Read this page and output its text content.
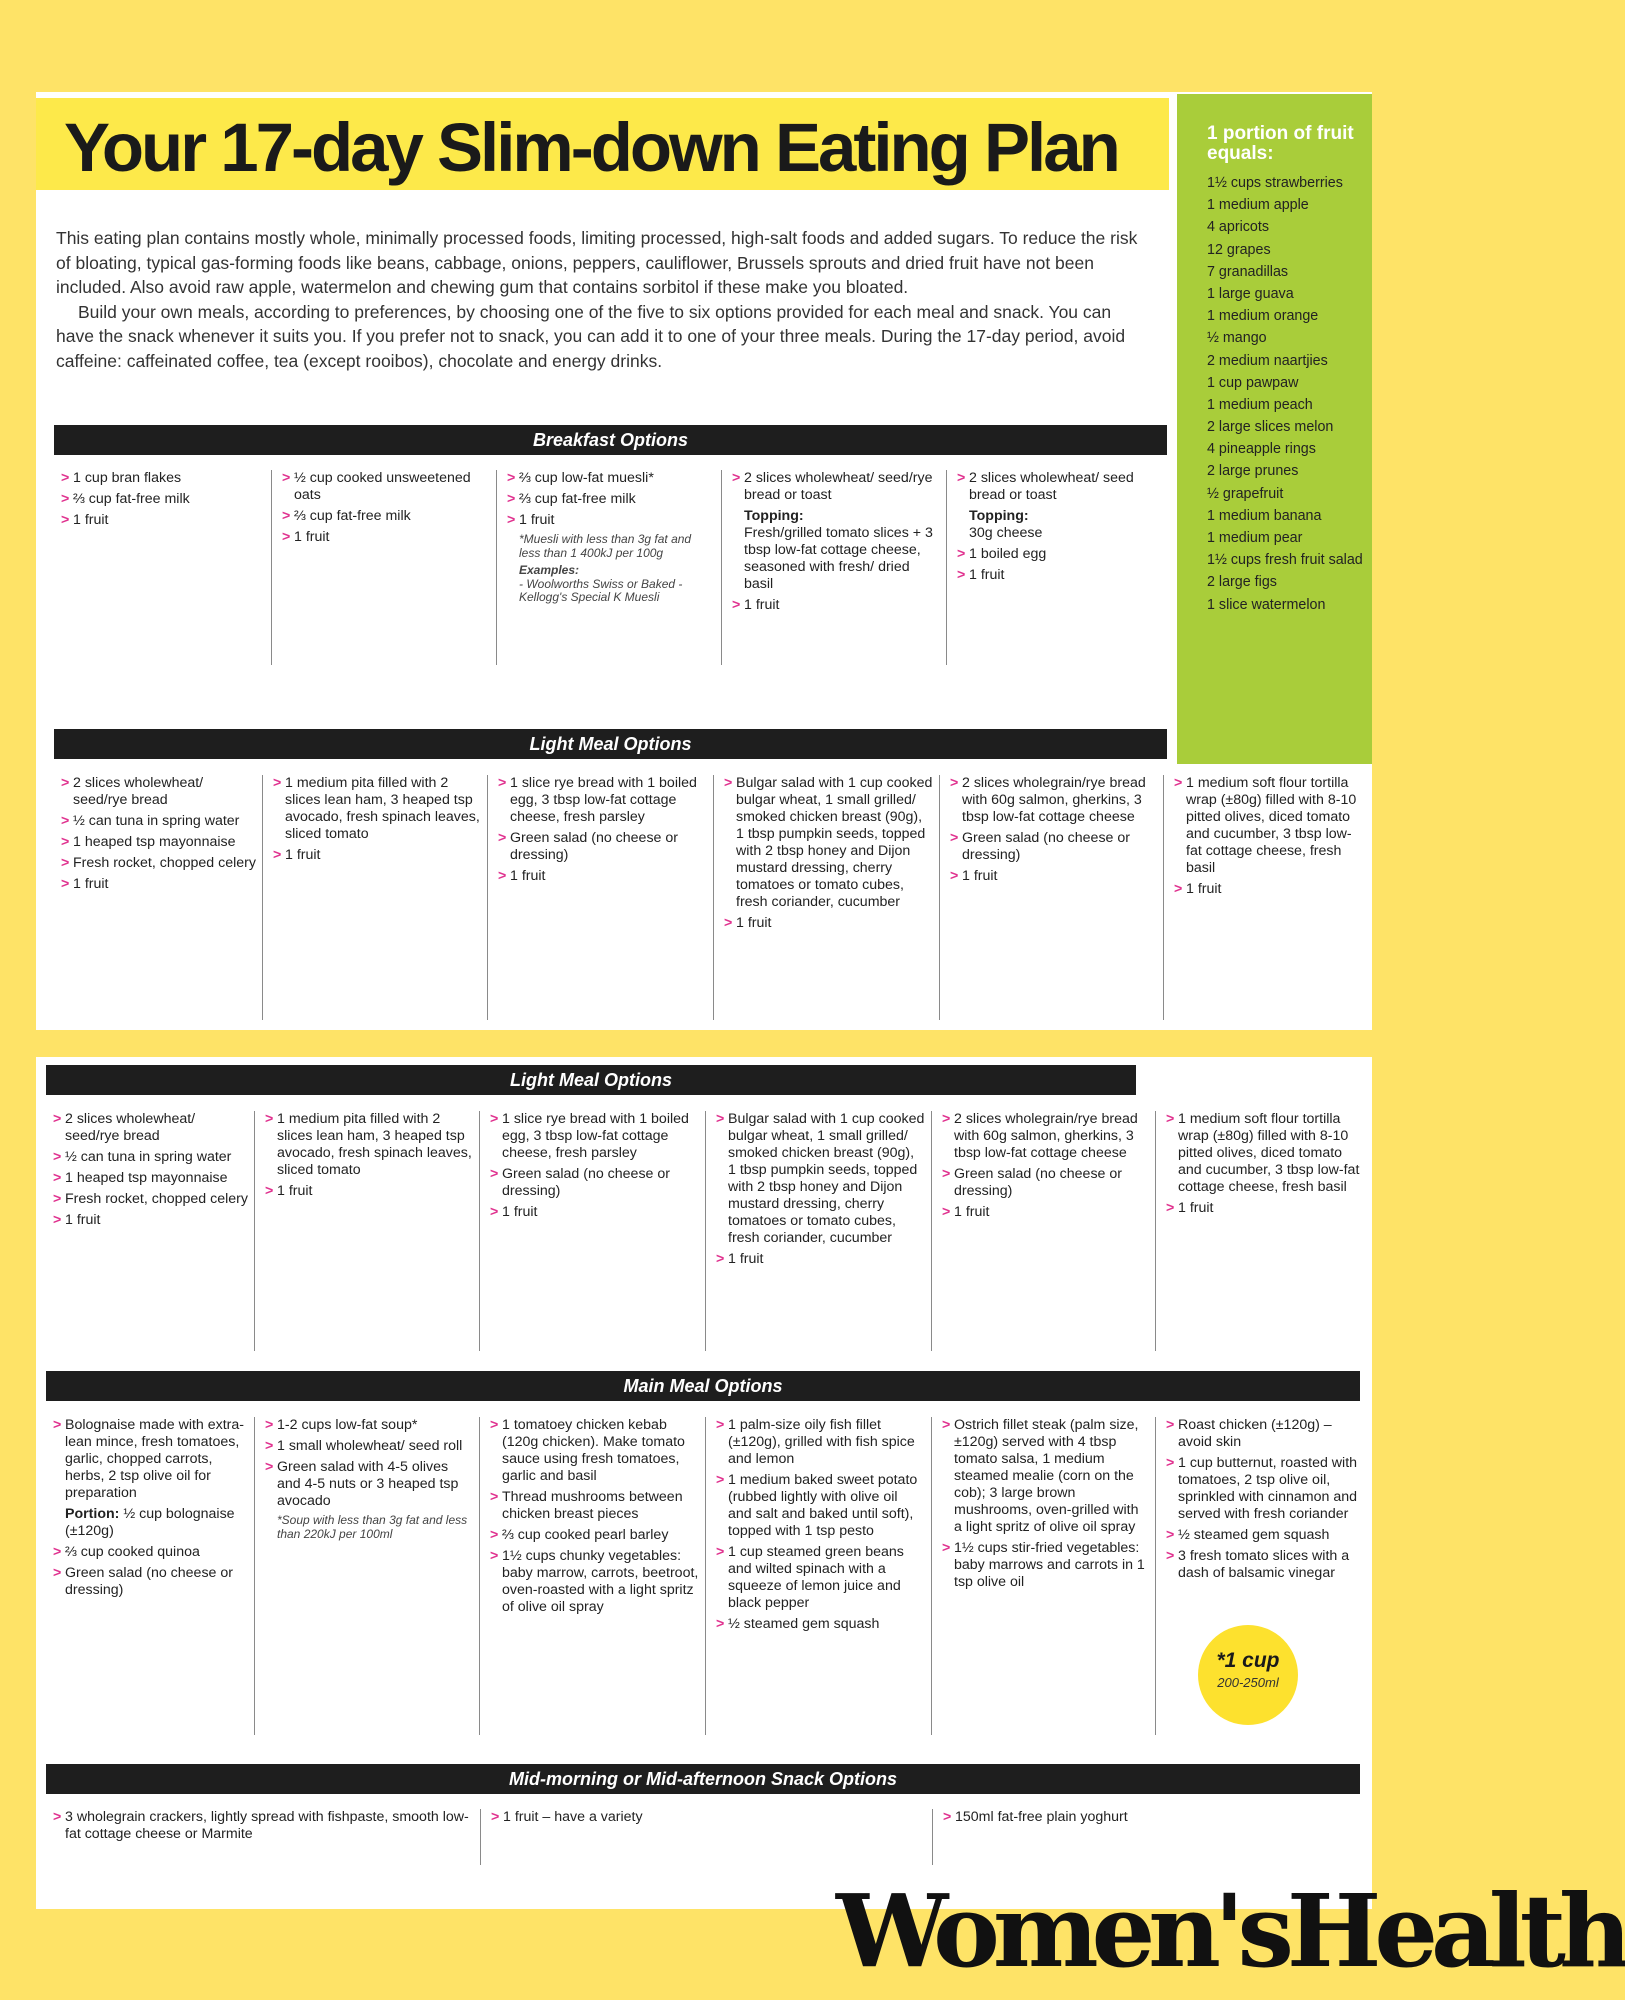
Your 17-day Slim-down Eating Plan

This eating plan contains mostly whole, minimally processed foods, limiting processed, high-salt foods and added sugars. To reduce the risk of bloating, typical gas-forming foods like beans, cabbage, onions, peppers, cauliflower, Brussels sprouts and dried fruit have not been included. Also avoid raw apple, watermelon and chewing gum that contains sorbitol if these make you bloated.

Build your own meals, according to preferences, by choosing one of the five to six options provided for each meal and snack. You can have the snack whenever it suits you. If you prefer not to snack, you can add it to one of your three meals. During the 17-day period, avoid caffeine: caffeinated coffee, tea (except rooibos), chocolate and energy drinks.

Breakfast Options
> 1 cup bran flakes
> ⅔ cup fat-free milk
> 1 fruit
> ½ cup cooked unsweetened oats
> ⅔ cup fat-free milk
> 1 fruit
> ⅔ cup low-fat muesli*
> ⅔ cup fat-free milk
> 1 fruit
*Muesli with less than 3g fat and less than 1 400kJ per 100g
Examples:
- Woolworths Swiss or Baked - Kellogg's Special K Muesli
> 2 slices wholewheat/ seed/rye bread or toast
Topping:
Fresh/grilled tomato slices + 3 tbsp low-fat cottage cheese, seasoned with fresh/ dried basil
> 1 fruit
> 2 slices wholewheat/ seed bread or toast
Topping:
30g cheese
> 1 boiled egg
> 1 fruit
Light Meal Options
> 2 slices wholewheat/ seed/rye bread
> ½ can tuna in spring water
> 1 heaped tsp mayonnaise
> Fresh rocket, chopped celery
> 1 fruit
> 1 medium pita filled with 2 slices lean ham, 3 heaped tsp avocado, fresh spinach leaves, sliced tomato
> 1 fruit
> 1 slice rye bread with 1 boiled egg, 3 tbsp low-fat cottage cheese, fresh parsley
> Green salad (no cheese or dressing)
> 1 fruit
> Bulgar salad with 1 cup cooked bulgar wheat, 1 small grilled/ smoked chicken breast (90g), 1 tbsp pumpkin seeds, topped with 2 tbsp honey and Dijon mustard dressing, cherry tomatoes or tomato cubes, fresh coriander, cucumber
> 1 fruit
> 2 slices wholegrain/rye bread with 60g salmon, gherkins, 3 tbsp low-fat cottage cheese
> Green salad (no cheese or dressing)
> 1 fruit
> 1 medium soft flour tortilla wrap (±80g) filled with 8-10 pitted olives, diced tomato and cucumber, 3 tbsp low-fat cottage cheese, fresh basil
> 1 fruit
1 portion of fruit equals:
1½ cups strawberries
1 medium apple
4 apricots
12 grapes
7 granadillas
1 large guava
1 medium orange
½ mango
2 medium naartjies
1 cup pawpaw
1 medium peach
2 large slices melon
4 pineapple rings
2 large prunes
½ grapefruit
1 medium banana
1 medium pear
1½ cups fresh fruit salad
2 large figs
1 slice watermelon
Light Meal Options
> 2 slices wholewheat/ seed/rye bread
> ½ can tuna in spring water
> 1 heaped tsp mayonnaise
> Fresh rocket, chopped celery
> 1 fruit
> 1 medium pita filled with 2 slices lean ham, 3 heaped tsp avocado, fresh spinach leaves, sliced tomato
> 1 fruit
> 1 slice rye bread with 1 boiled egg, 3 tbsp low-fat cottage cheese, fresh parsley
> Green salad (no cheese or dressing)
> 1 fruit
> Bulgar salad with 1 cup cooked bulgar wheat, 1 small grilled/ smoked chicken breast (90g), 1 tbsp pumpkin seeds, topped with 2 tbsp honey and Dijon mustard dressing, cherry tomatoes or tomato cubes, fresh coriander, cucumber
> 1 fruit
> 2 slices wholegrain/rye bread with 60g salmon, gherkins, 3 tbsp low-fat cottage cheese
> Green salad (no cheese or dressing)
> 1 fruit
> 1 medium soft flour tortilla wrap (±80g) filled with 8-10 pitted olives, diced tomato and cucumber, 3 tbsp low-fat cottage cheese, fresh basil
> 1 fruit
Main Meal Options
> Bolognaise made with extra-lean mince, fresh tomatoes, garlic, chopped carrots, herbs, 2 tsp olive oil for preparation
Portion: ½ cup bolognaise (±120g)
> ⅔ cup cooked quinoa
> Green salad (no cheese or dressing)
> 1-2 cups low-fat soup*
> 1 small wholewheat/ seed roll
> Green salad with 4-5 olives and 4-5 nuts or 3 heaped tsp avocado
*Soup with less than 3g fat and less than 220kJ per 100ml
> 1 tomatoey chicken kebab (120g chicken). Make tomato sauce using fresh tomatoes, garlic and basil
> Thread mushrooms between chicken breast pieces
> ⅔ cup cooked pearl barley
> 1½ cups chunky vegetables: baby marrow, carrots, beetroot, oven-roasted with a light spritz of olive oil spray
> 1 palm-size oily fish fillet (±120g), grilled with fish spice and lemon
> 1 medium baked sweet potato (rubbed lightly with olive oil and salt and baked until soft), topped with 1 tsp pesto
> 1 cup steamed green beans and wilted spinach with a squeeze of lemon juice and black pepper
> ½ steamed gem squash
> Ostrich fillet steak (palm size, ±120g) served with 4 tbsp tomato salsa, 1 medium steamed mealie (corn on the cob); 3 large brown mushrooms, oven-grilled with a light spritz of olive oil spray
> 1½ cups stir-fried vegetables: baby marrows and carrots in 1 tsp olive oil
> Roast chicken (±120g) – avoid skin
> 1 cup butternut, roasted with tomatoes, 2 tsp olive oil, sprinkled with cinnamon and served with fresh coriander
> ½ steamed gem squash
> 3 fresh tomato slices with a dash of balsamic vinegar
Mid-morning or Mid-afternoon Snack Options
> 3 wholegrain crackers, lightly spread with fishpaste, smooth low-fat cottage cheese or Marmite
> 1 fruit – have a variety
>	150ml fat-free plain yoghurt
*1 cup
200-250ml
Women'sHealth
